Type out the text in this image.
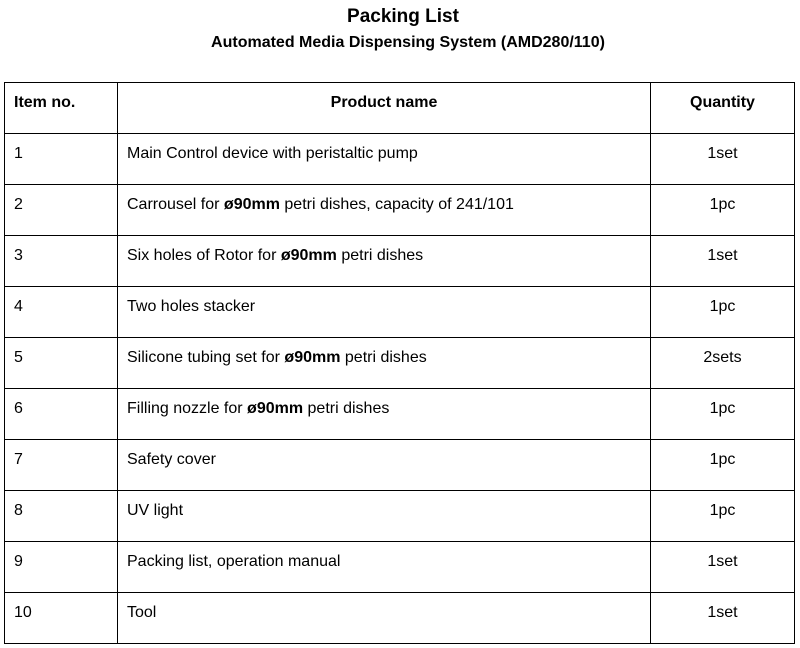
Packing List
Automated Media Dispensing System (AMD280/110)
Item no.	Product name	Quantity
1	Main Control device with peristaltic pump	1set
2	Carrousel for ø90mm petri dishes, capacity of 241/101	1pc
3	Six holes of Rotor for ø90mm petri dishes	1set
4	Two holes stacker	1pc
5	Silicone tubing set for ø90mm petri dishes	2sets
6	Filling nozzle for ø90mm petri dishes	1pc
7	Safety cover	1pc
8	UV light	1pc
9	Packing list, operation manual	1set
10	Tool	1set
